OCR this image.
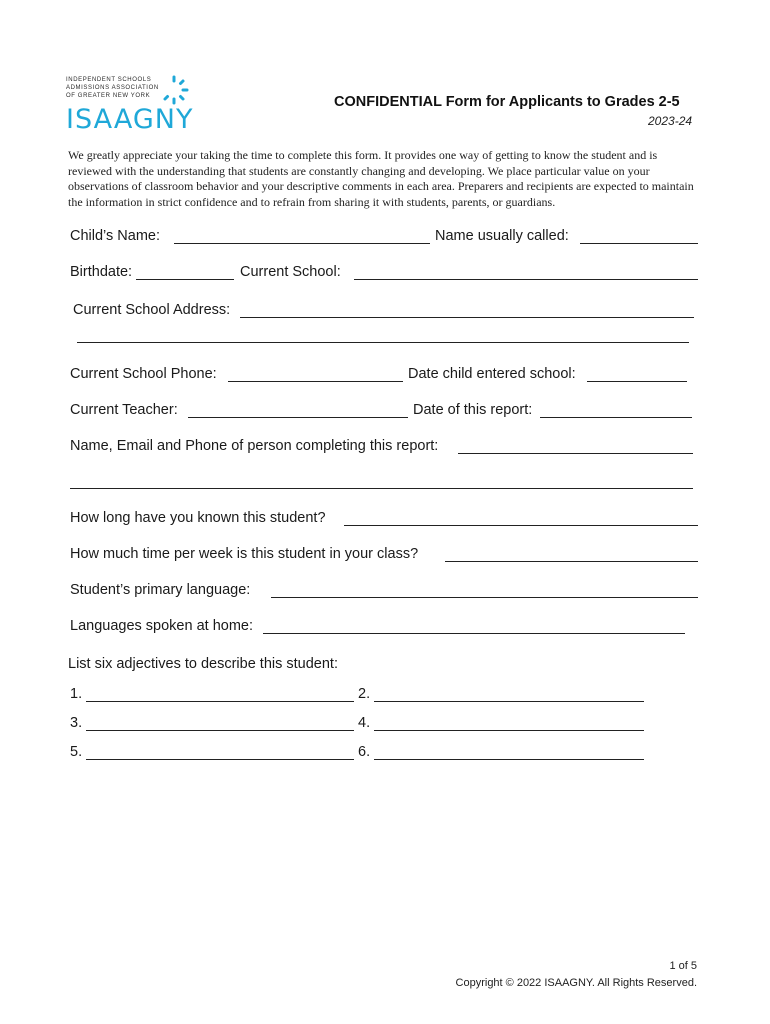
INDEPENDENT SCHOOLS
ADMISSIONS ASSOCIATION
OF GREATER NEW YORK
ISAAGNY
CONFIDENTIAL Form for Applicants to Grades 2-5
2023-24
We greatly appreciate your taking the time to complete this form. It provides one way of getting to know the student and is reviewed with the understanding that students are constantly changing and developing. We place particular value on your observations of classroom behavior and your descriptive comments in each area. Preparers and recipients are expected to maintain the information in strict confidence and to refrain from sharing it with students, parents, or guardians.
Child’s Name:	Name usually called:
Birthdate:	Current School:
Current School Address:
Current School Phone:	Date child entered school:
Current Teacher:	Date of this report:
Name, Email and Phone of person completing this report:
How long have you known this student?
How much time per week is this student in your class?
Student’s primary language:
Languages spoken at home:
List six adjectives to describe this student:
1.	2.
3.	4.
5.	6.
1 of 5
Copyright © 2022 ISAAGNY. All Rights Reserved.
